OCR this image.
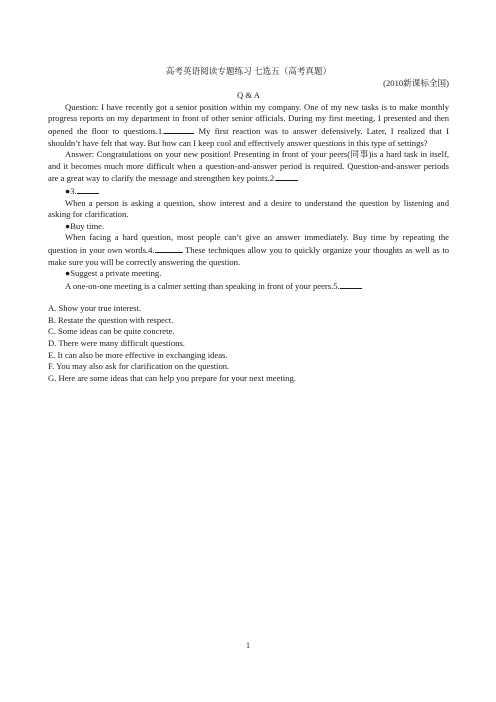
高考英语阅读专题练习 七选五（高考真题）

(2010新课标全国)

Q & A

Question: I have recently got a senior position within my company. One of my new tasks is to make monthly progress reports on my department in front of other senior officials. During my first meeting, I presented and then opened the floor to questions.1.	My first reaction was to answer defensively. Later, I realized that I shouldn’t have felt that way. But how can I keep cool and effectively answer questions in this type of settings?

Answer: Congratulations on your new position! Presenting in front of your peers(同事)is a hard task in itself, and it becomes much more difficult when a question-and-answer period is required. Question-and-answer periods are a great way to clarify the message and strengthen key points.2.

●3.

When a person is asking a question, show interest and a desire to understand the question by listening and asking for clarification.

●Buy time.

When facing a hard question, most people can’t give an answer immediately. Buy time by repeating the question in your own words.4.	These techniques allow you to quickly organize your thoughts as well as to make sure you will be correctly answering the question.

●Suggest a private meeting.

A one-on-one meeting is a calmer setting than speaking in front of your peers.5.

A. Show your true interest.

B. Restate the question with respect.

C. Some ideas can be quite concrete.

D. There were many difficult questions.

E. It can also be more effective in exchanging ideas.

F. You may also ask for clarification on the question.

G. Here are some ideas that can help you prepare for your next meeting.

1
